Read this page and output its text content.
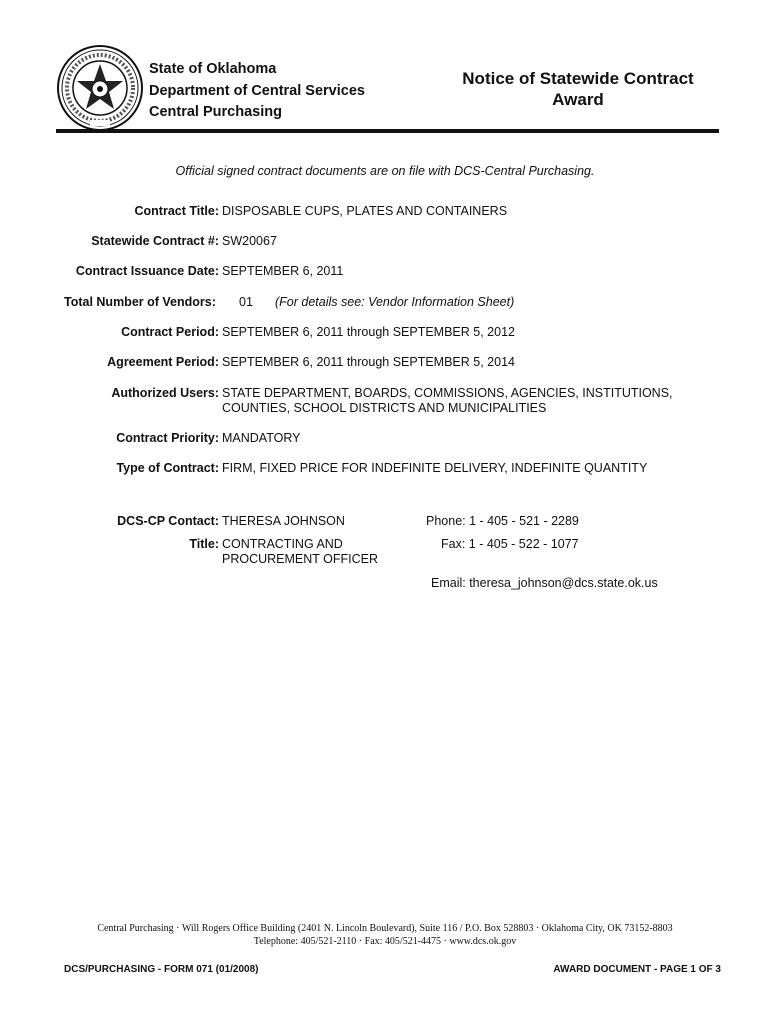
State of Oklahoma
Department of Central Services
Central Purchasing
Notice of Statewide Contract
Award
Official signed contract documents are on file with DCS-Central Purchasing.
Contract Title: DISPOSABLE CUPS, PLATES AND CONTAINERS
Statewide Contract #: SW20067
Contract Issuance Date: SEPTEMBER 6, 2011
Total Number of Vendors: 01 (For details see: Vendor Information Sheet)
Contract Period: SEPTEMBER 6, 2011 through SEPTEMBER 5, 2012
Agreement Period: SEPTEMBER 6, 2011 through SEPTEMBER 5, 2014
Authorized Users: STATE DEPARTMENT, BOARDS, COMMISSIONS, AGENCIES, INSTITUTIONS,
COUNTIES, SCHOOL DISTRICTS AND MUNICIPALITIES
Contract Priority: MANDATORY
Type of Contract: FIRM, FIXED PRICE FOR INDEFINITE DELIVERY, INDEFINITE QUANTITY
DCS-CP Contact: THERESA JOHNSON	Phone: 1 - 405 - 521 - 2289
Title: CONTRACTING AND
PROCUREMENT OFFICER
Fax: 1 - 405 - 522 - 1077
Email: theresa_johnson@dcs.state.ok.us
Central Purchasing · Will Rogers Office Building (2401 N. Lincoln Boulevard), Suite 116 / P.O. Box 528803 · Oklahoma City, OK 73152-8803
Telephone: 405/521-2110 · Fax: 405/521-4475 · www.dcs.ok.gov
DCS/PURCHASING - FORM 071 (01/2008)	AWARD DOCUMENT - PAGE 1 OF 3
